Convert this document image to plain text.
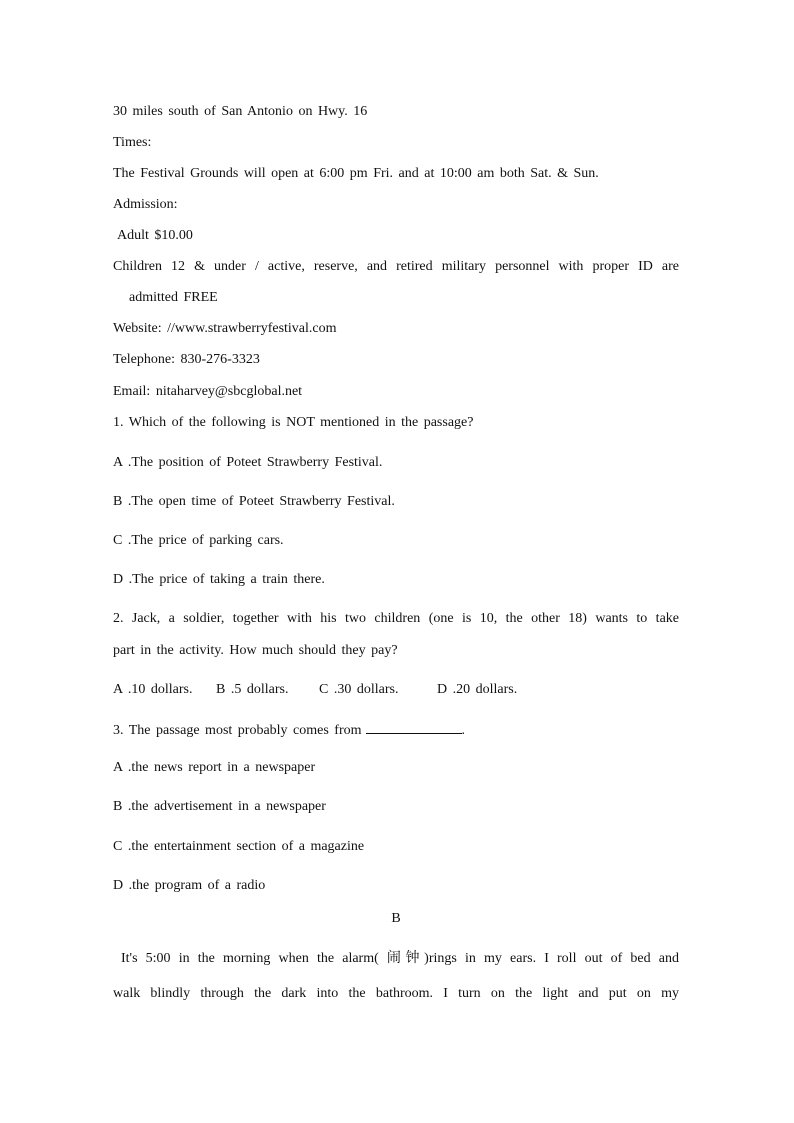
30 miles south of San Antonio on Hwy. 16
Times:
The Festival Grounds will open at 6:00 pm Fri. and at 10:00 am both Sat. & Sun.
Admission:
Adult $10.00
Children 12 & under / active, reserve, and retired military personnel with proper ID are
admitted FREE
Website: //www.strawberryfestival.com
Telephone: 830-276-3323
Email: nitaharvey@sbcglobal.net
1. Which of the following is NOT mentioned in the passage?
A .The position of Poteet Strawberry Festival.
B .The open time of Poteet Strawberry Festival.
C .The price of parking cars.
D .The price of taking a train there.
2. Jack, a soldier, together with his two children (one is 10, the other 18) wants to take
part in the activity. How much should they pay?
A .10 dollars. B .5 dollars. C .30 dollars.	D .20 dollars.
3. The passage most probably comes from	.
A .the news report in a newspaper
B .the advertisement in a newspaper
C .the entertainment section of a magazine
D .the program of a radio
B
It's 5:00 in the morning when the alarm( 闹钟)rings in my ears. I roll out of bed and
walk blindly through the dark into the bathroom. I turn on the light and put on my
